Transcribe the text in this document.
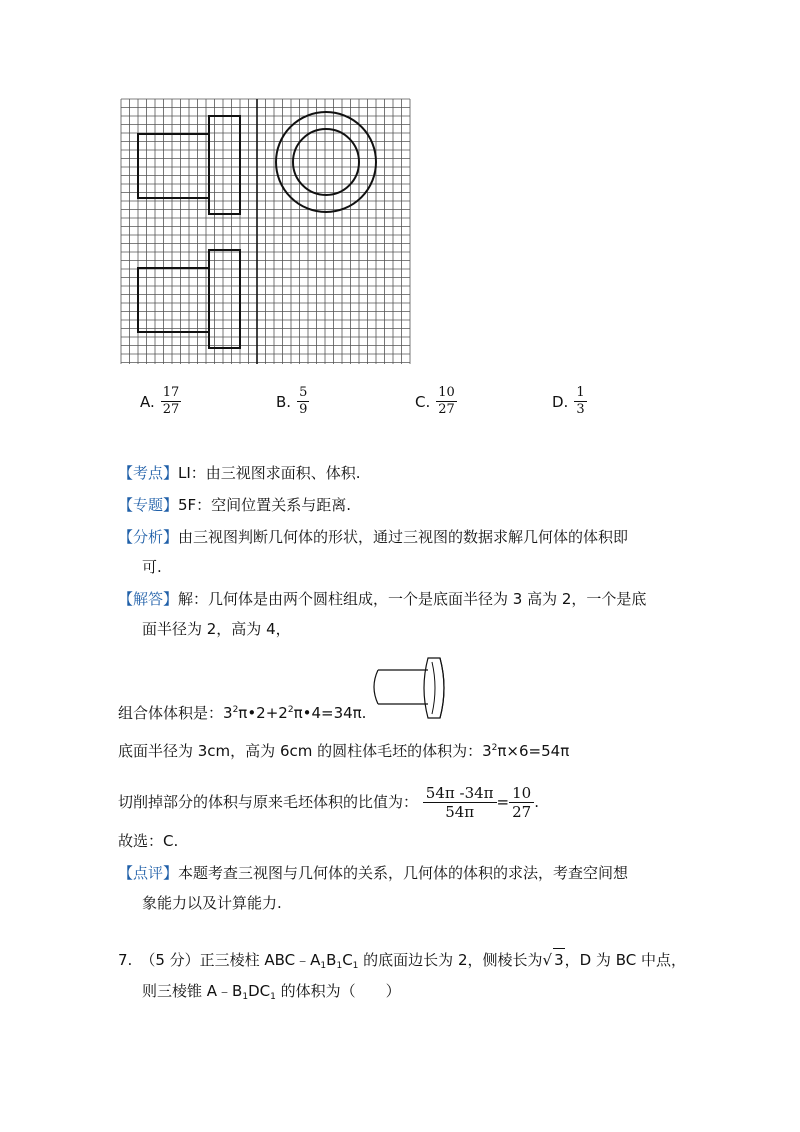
A. $\frac{17}{27}$	B. $\frac{5}{9}$	C. $\frac{10}{27}$	D. $\frac{1}{3}$
【考点】LI：由三视图求面积、体积.
【专题】5F：空间位置关系与距离.
【分析】由三视图判断几何体的形状，通过三视图的数据求解几何体的体积即
可.
【解答】解：几何体是由两个圆柱组成，一个是底面半径为 3 高为 2，一个是底
面半径为 2，高为 4，
组合体体积是：$3^2\pi•2+2^2\pi•4=34\pi$.
底面半径为 3cm，高为 6cm 的圆柱体毛坯的体积为：$3^2\pi\times 6=54\pi$
切削掉部分的体积与原来毛坯体积的比值为： $\frac{54\pi -34\pi}{54\pi} = \frac{10}{27}$ .
故选：C.
【点评】本题考查三视图与几何体的关系，几何体的体积的求法，考查空间想
象能力以及计算能力.
7. （5 分）正三棱柱 $ABC﹣A_1B_1C_1$ 的底面边长为 2，侧棱长为√ 3，D 为 BC 中点，
则三棱锥 $A﹣B_1DC_1$ 的体积为（　　）
